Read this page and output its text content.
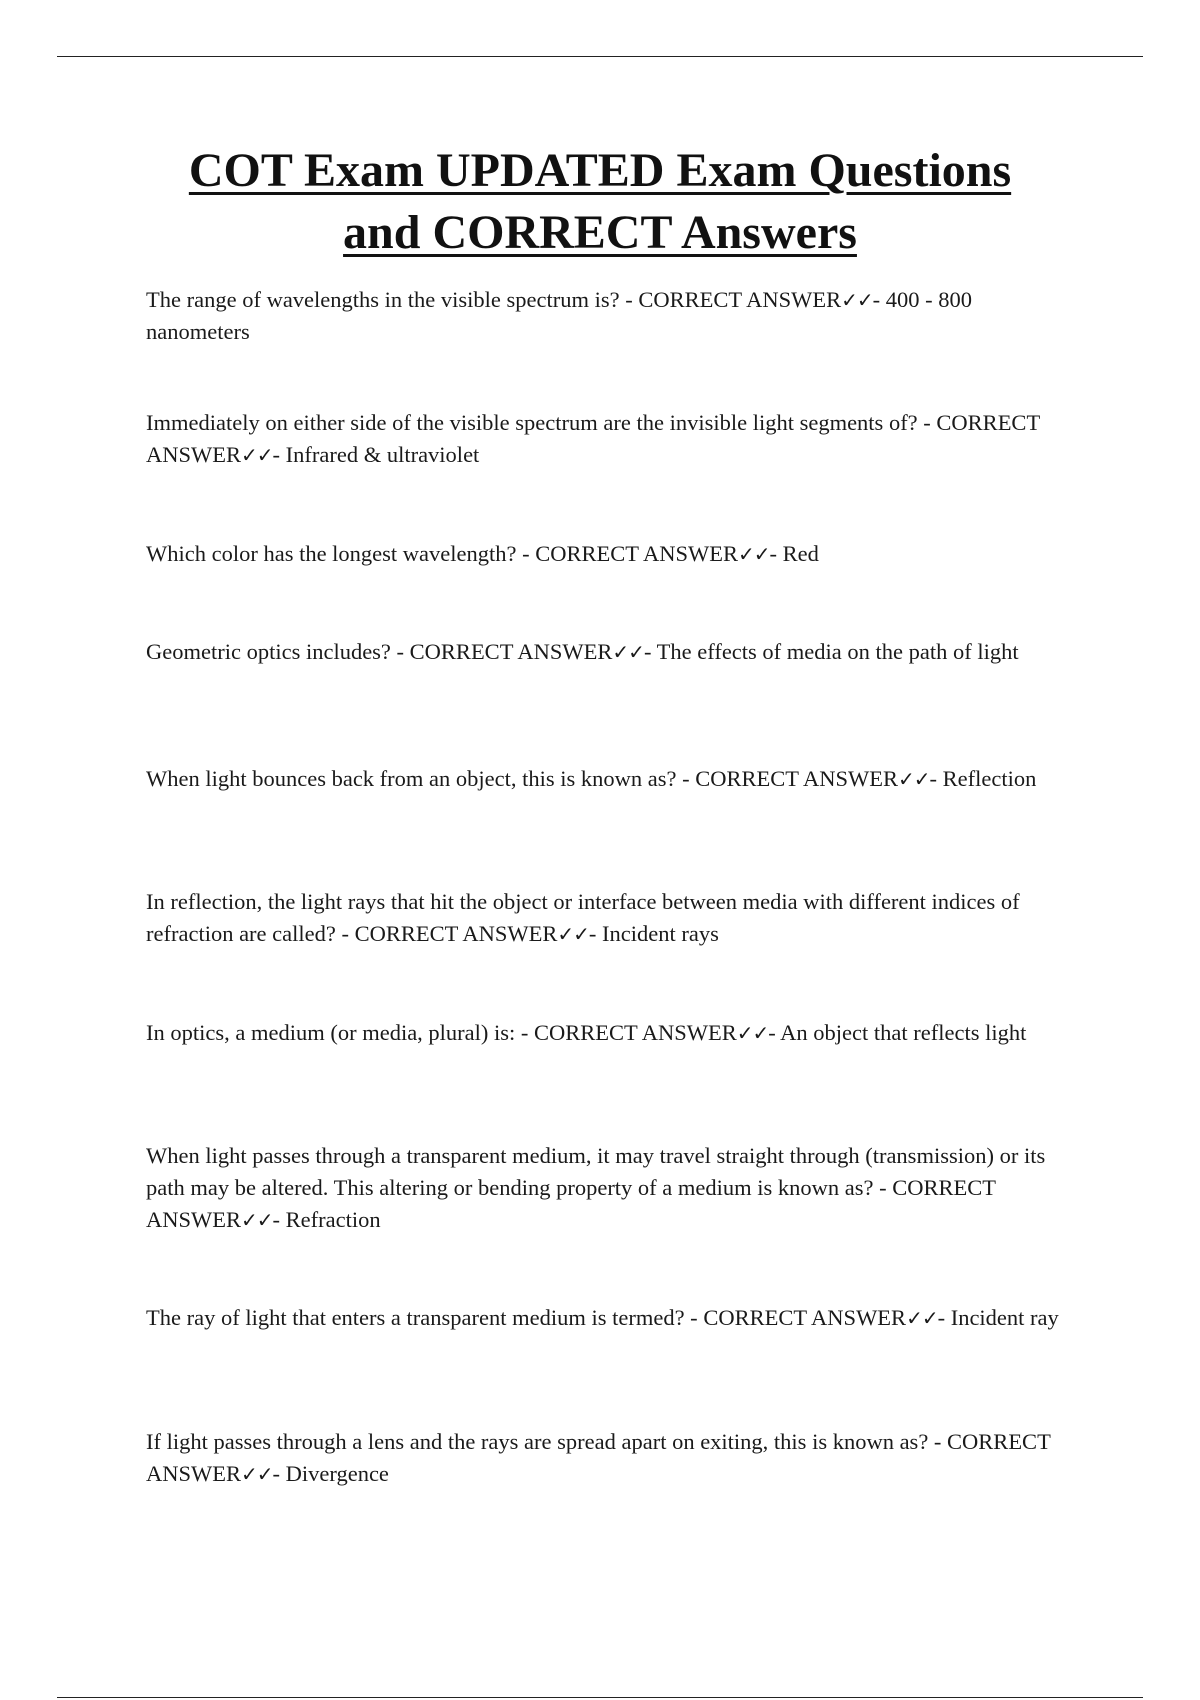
COT Exam UPDATED Exam Questions
and CORRECT Answers

The range of wavelengths in the visible spectrum is? - CORRECT ANSWER✓✓- 400 - 800 nanometers

Immediately on either side of the visible spectrum are the invisible light segments of? - CORRECT ANSWER✓✓- Infrared & ultraviolet

Which color has the longest wavelength? - CORRECT ANSWER✓✓- Red

Geometric optics includes? - CORRECT ANSWER✓✓- The effects of media on the path of light

When light bounces back from an object, this is known as? - CORRECT ANSWER✓✓- Reflection

In reflection, the light rays that hit the object or interface between media with different indices of refraction are called? - CORRECT ANSWER✓✓- Incident rays

In optics, a medium (or media, plural) is: - CORRECT ANSWER✓✓- An object that reflects light

When light passes through a transparent medium, it may travel straight through (transmission) or its path may be altered. This altering or bending property of a medium is known as? - CORRECT ANSWER✓✓- Refraction

The ray of light that enters a transparent medium is termed? - CORRECT ANSWER✓✓- Incident ray

If light passes through a lens and the rays are spread apart on exiting, this is known as? - CORRECT ANSWER✓✓- Divergence
